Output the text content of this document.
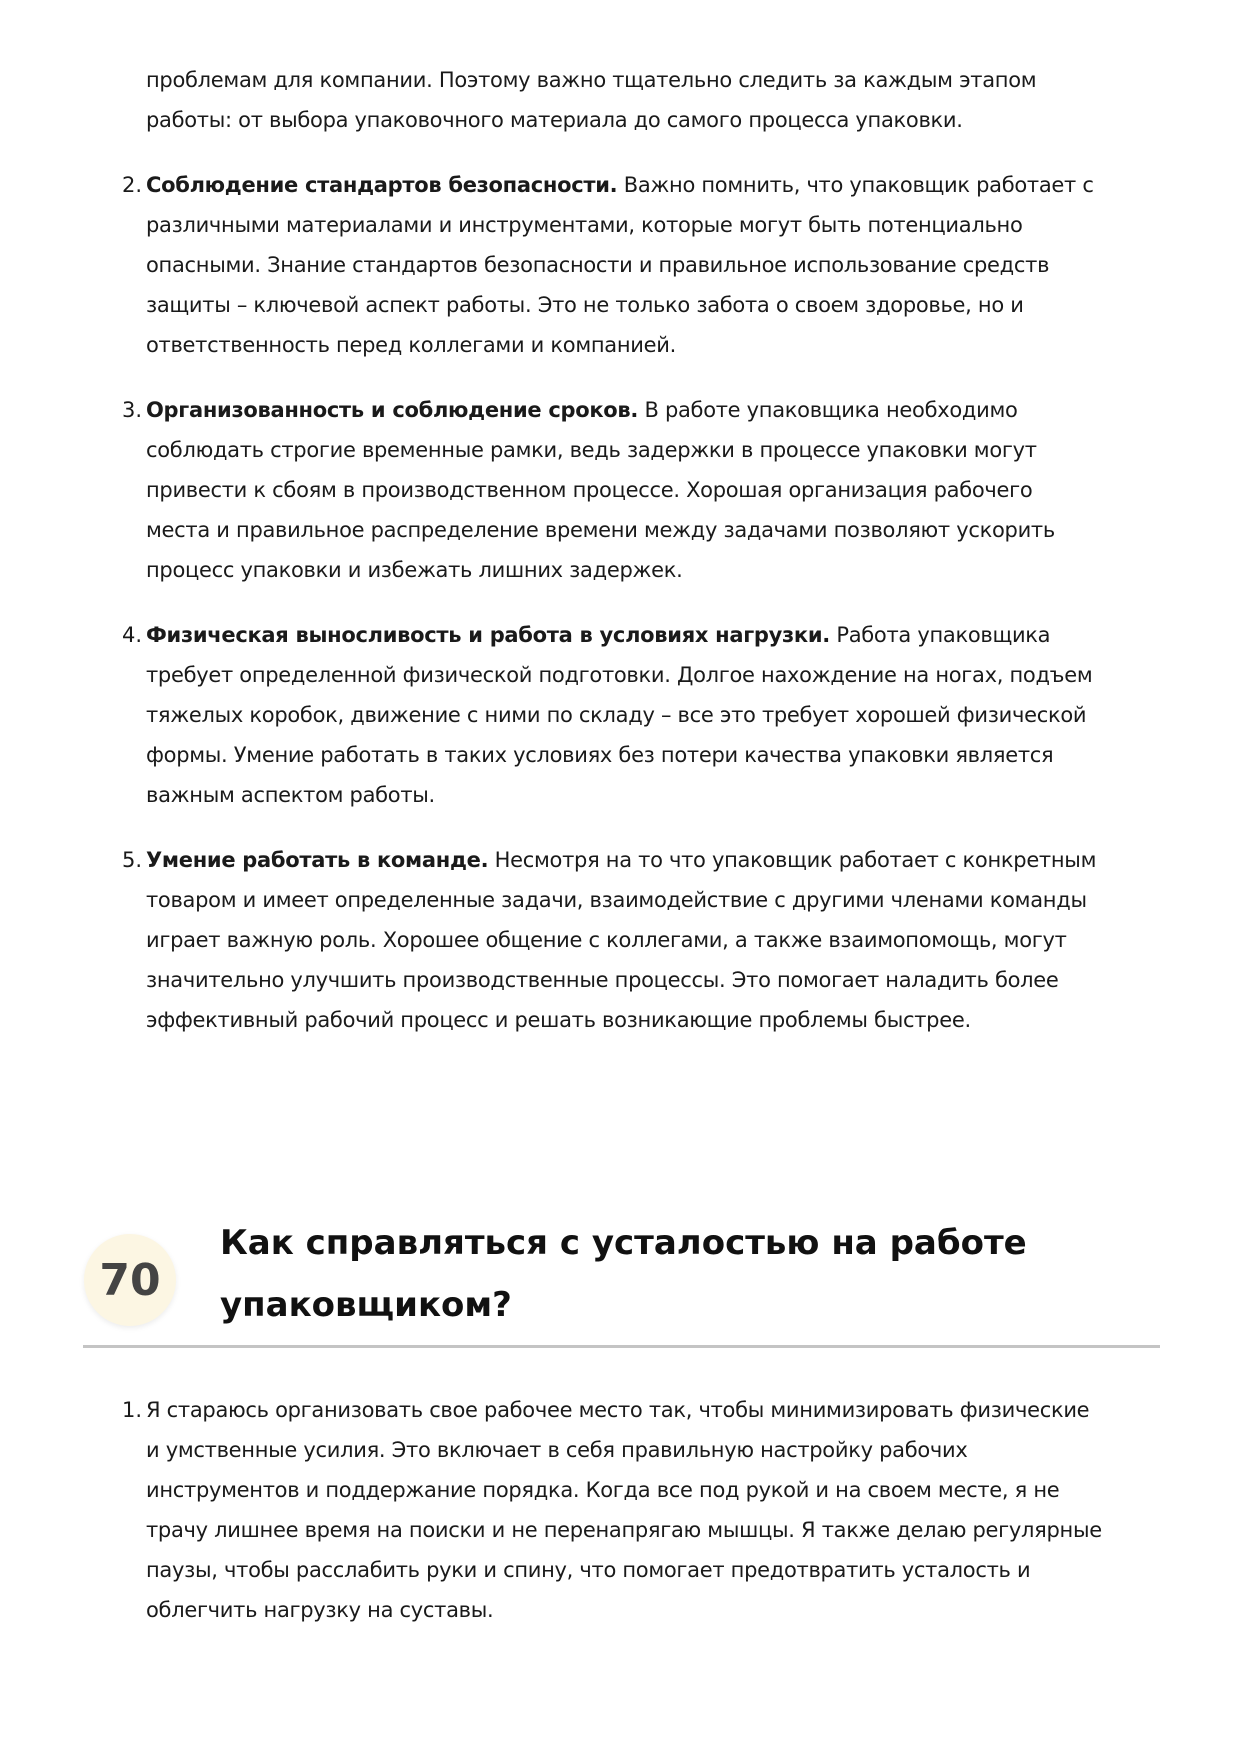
проблемам для компании. Поэтому важно тщательно следить за каждым этапом
работы: от выбора упаковочного материала до самого процесса упаковки.
2. Соблюдение стандартов безопасности. Важно помнить, что упаковщик работает с
различными материалами и инструментами, которые могут быть потенциально
опасными. Знание стандартов безопасности и правильное использование средств
защиты – ключевой аспект работы. Это не только забота о своем здоровье, но и
ответственность перед коллегами и компанией.
3. Организованность и соблюдение сроков. В работе упаковщика необходимо
соблюдать строгие временные рамки, ведь задержки в процессе упаковки могут
привести к сбоям в производственном процессе. Хорошая организация рабочего
места и правильное распределение времени между задачами позволяют ускорить
процесс упаковки и избежать лишних задержек.
4. Физическая выносливость и работа в условиях нагрузки. Работа упаковщика
требует определенной физической подготовки. Долгое нахождение на ногах, подъем
тяжелых коробок, движение с ними по складу – все это требует хорошей физической
формы. Умение работать в таких условиях без потери качества упаковки является
важным аспектом работы.
5. Умение работать в команде. Несмотря на то что упаковщик работает с конкретным
товаром и имеет определенные задачи, взаимодействие с другими членами команды
играет важную роль. Хорошее общение с коллегами, а также взаимопомощь, могут
значительно улучшить производственные процессы. Это помогает наладить более
эффективный рабочий процесс и решать возникающие проблемы быстрее.
70
Как справляться с усталостью на работе
упаковщиком?
1. Я стараюсь организовать свое рабочее место так, чтобы минимизировать физические
и умственные усилия. Это включает в себя правильную настройку рабочих
инструментов и поддержание порядка. Когда все под рукой и на своем месте, я не
трачу лишнее время на поиски и не перенапрягаю мышцы. Я также делаю регулярные
паузы, чтобы расслабить руки и спину, что помогает предотвратить усталость и
облегчить нагрузку на суставы.
